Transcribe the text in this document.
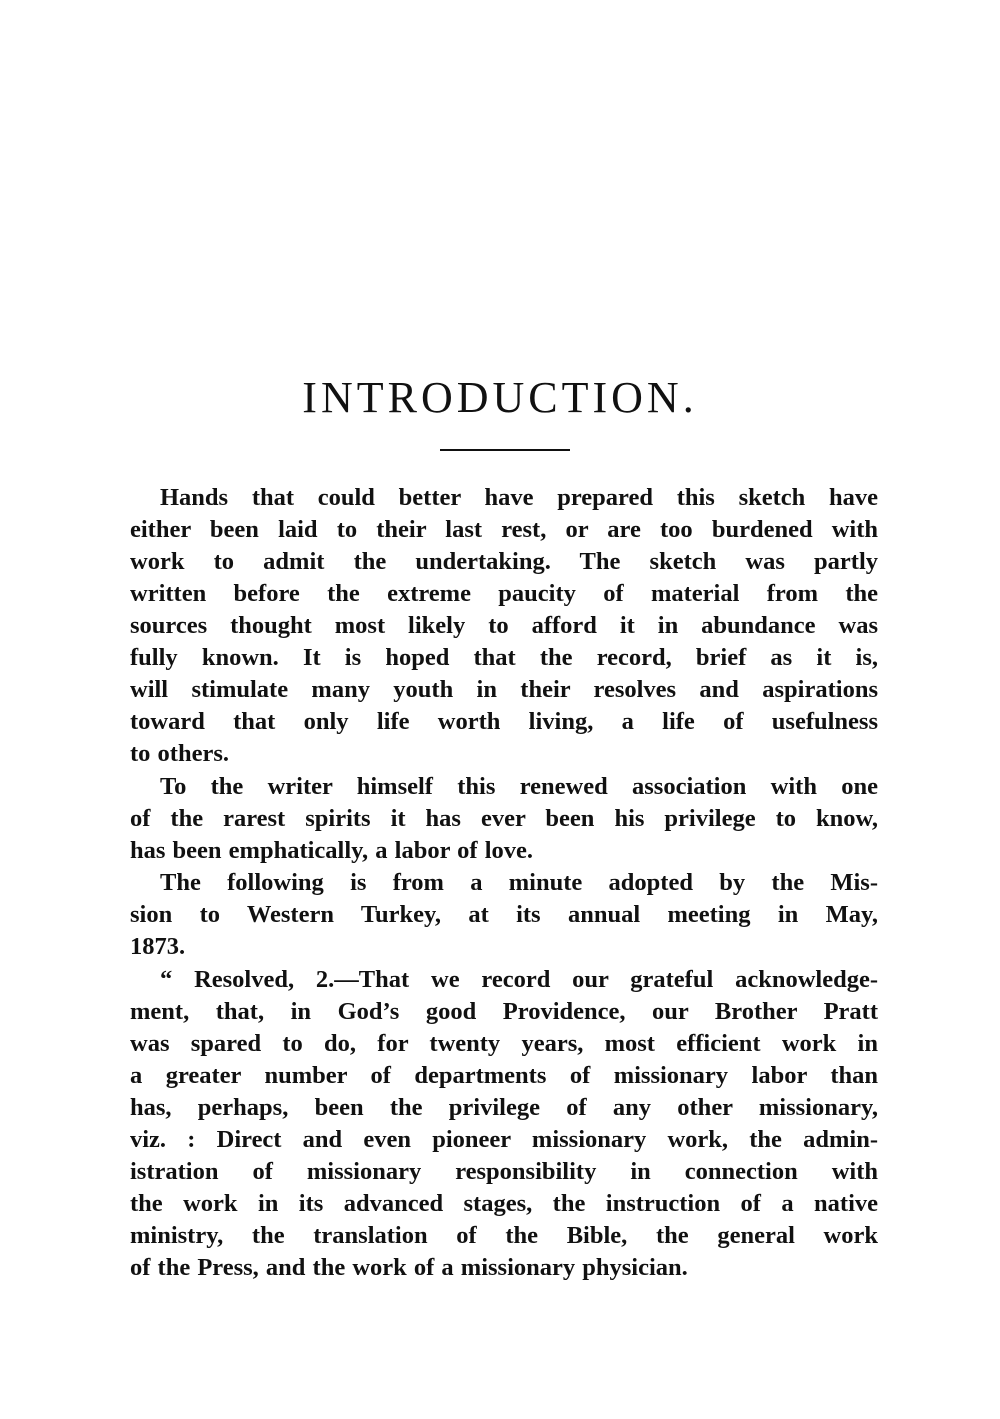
INTRODUCTION.
Hands that could better have prepared this sketch have
either been laid to their last rest, or are too burdened with
work to admit the undertaking. The sketch was partly
written before the extreme paucity of material from the
sources thought most likely to afford it in abundance was
fully known. It is hoped that the record, brief as it is,
will stimulate many youth in their resolves and aspirations
toward that only life worth living, a life of usefulness
to others.
To the writer himself this renewed association with one
of the rarest spirits it has ever been his privilege to know,
has been emphatically, a labor of love.
The following is from a minute adopted by the Mis-
sion to Western Turkey, at its annual meeting in May,
1873.
“ Resolved, 2.—That we record our grateful acknowledge-
ment, that, in God’s good Providence, our Brother Pratt
was spared to do, for twenty years, most efficient work in
a greater number of departments of missionary labor than
has, perhaps, been the privilege of any other missionary,
viz. : Direct and even pioneer missionary work, the admin-
istration of missionary responsibility in connection with
the work in its advanced stages, the instruction of a native
ministry, the translation of the Bible, the general work
of the Press, and the work of a missionary physician.
